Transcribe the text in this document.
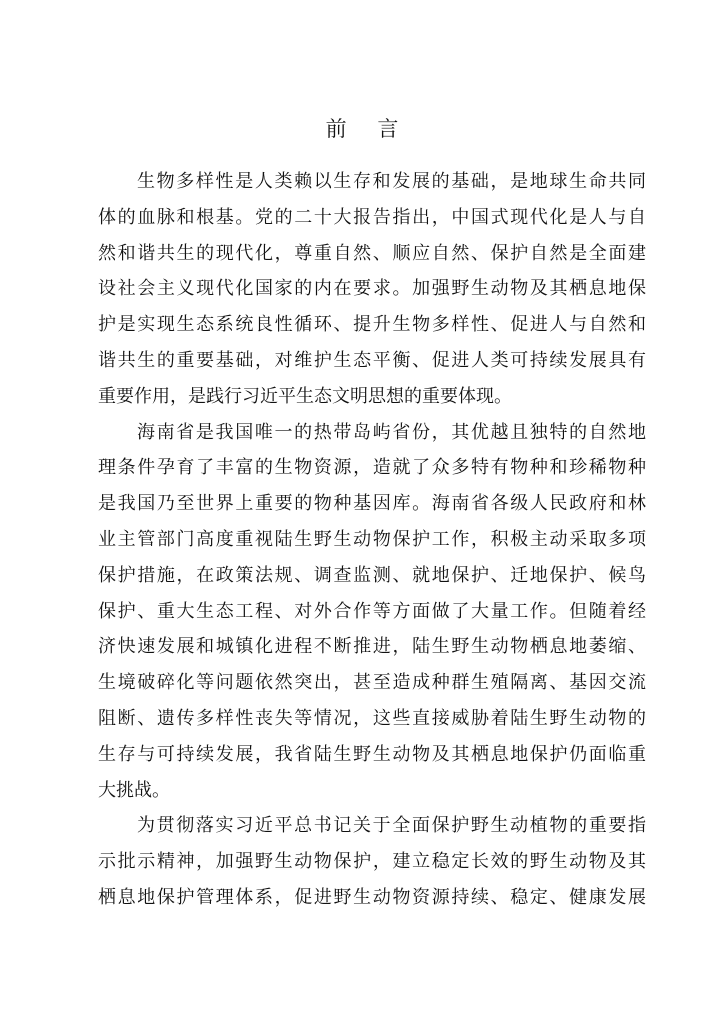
前 言
生物多样性是人类赖以生存和发展的基础，是地球生命共同
体的血脉和根基。党的二十大报告指出，中国式现代化是人与自
然和谐共生的现代化，尊重自然、顺应自然、保护自然是全面建
设社会主义现代化国家的内在要求。加强野生动物及其栖息地保
护是实现生态系统良性循环、提升生物多样性、促进人与自然和
谐共生的重要基础，对维护生态平衡、促进人类可持续发展具有
重要作用，是践行习近平生态文明思想的重要体现。
海南省是我国唯一的热带岛屿省份，其优越且独特的自然地
理条件孕育了丰富的生物资源，造就了众多特有物种和珍稀物种
是我国乃至世界上重要的物种基因库。海南省各级人民政府和林
业主管部门高度重视陆生野生动物保护工作，积极主动采取多项
保护措施，在政策法规、调查监测、就地保护、迁地保护、候鸟
保护、重大生态工程、对外合作等方面做了大量工作。但随着经
济快速发展和城镇化进程不断推进，陆生野生动物栖息地萎缩、
生境破碎化等问题依然突出，甚至造成种群生殖隔离、基因交流
阻断、遗传多样性丧失等情况，这些直接威胁着陆生野生动物的
生存与可持续发展，我省陆生野生动物及其栖息地保护仍面临重
大挑战。
为贯彻落实习近平总书记关于全面保护野生动植物的重要指
示批示精神，加强野生动物保护，建立稳定长效的野生动物及其
栖息地保护管理体系，促进野生动物资源持续、稳定、健康发展
